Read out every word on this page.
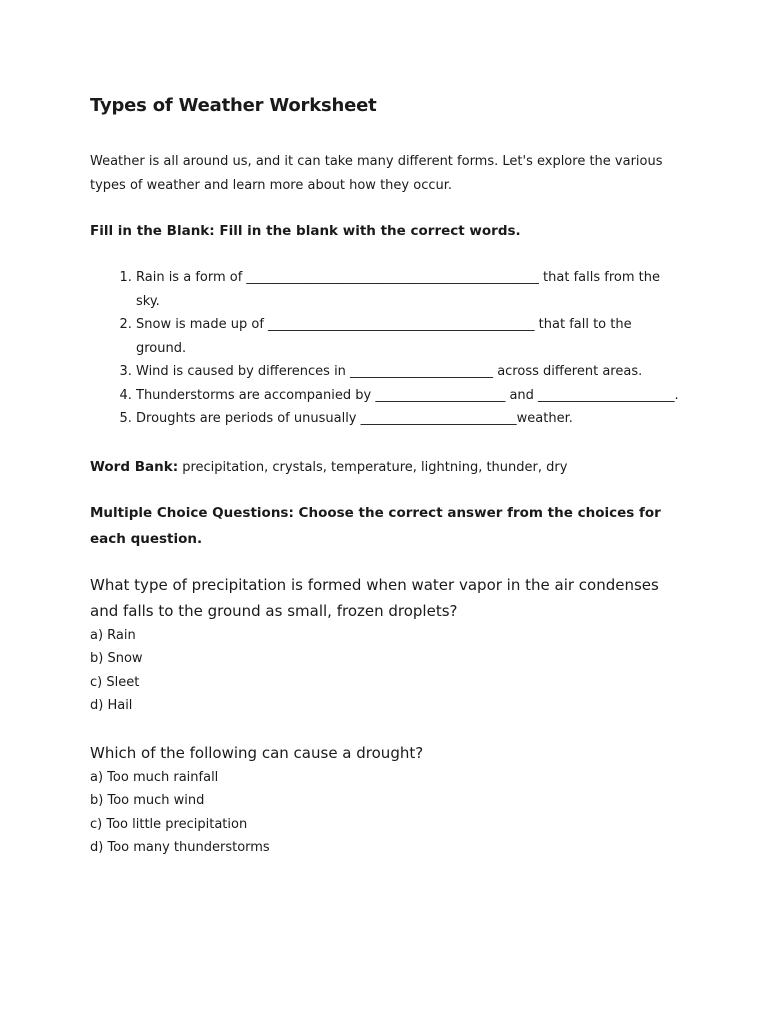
Types of Weather Worksheet

Weather is all around us, and it can take many different forms. Let's explore the various types of weather and learn more about how they occur.

Fill in the Blank: Fill in the blank with the correct words.

1. Rain is a form of _____________________________________________ that falls from the sky.
2. Snow is made up of _________________________________________ that fall to the ground.
3. Wind is caused by differences in ______________________ across different areas.
4. Thunderstorms are accompanied by ____________________ and _____________________.
5. Droughts are periods of unusually ________________________weather.

Word Bank: precipitation, crystals, temperature, lightning, thunder, dry

Multiple Choice Questions: Choose the correct answer from the choices for each question.

What type of precipitation is formed when water vapor in the air condenses and falls to the ground as small, frozen droplets?

a) Rain
b) Snow
c) Sleet
d) Hail

Which of the following can cause a drought?

a) Too much rainfall
b) Too much wind
c) Too little precipitation
d) Too many thunderstorms
